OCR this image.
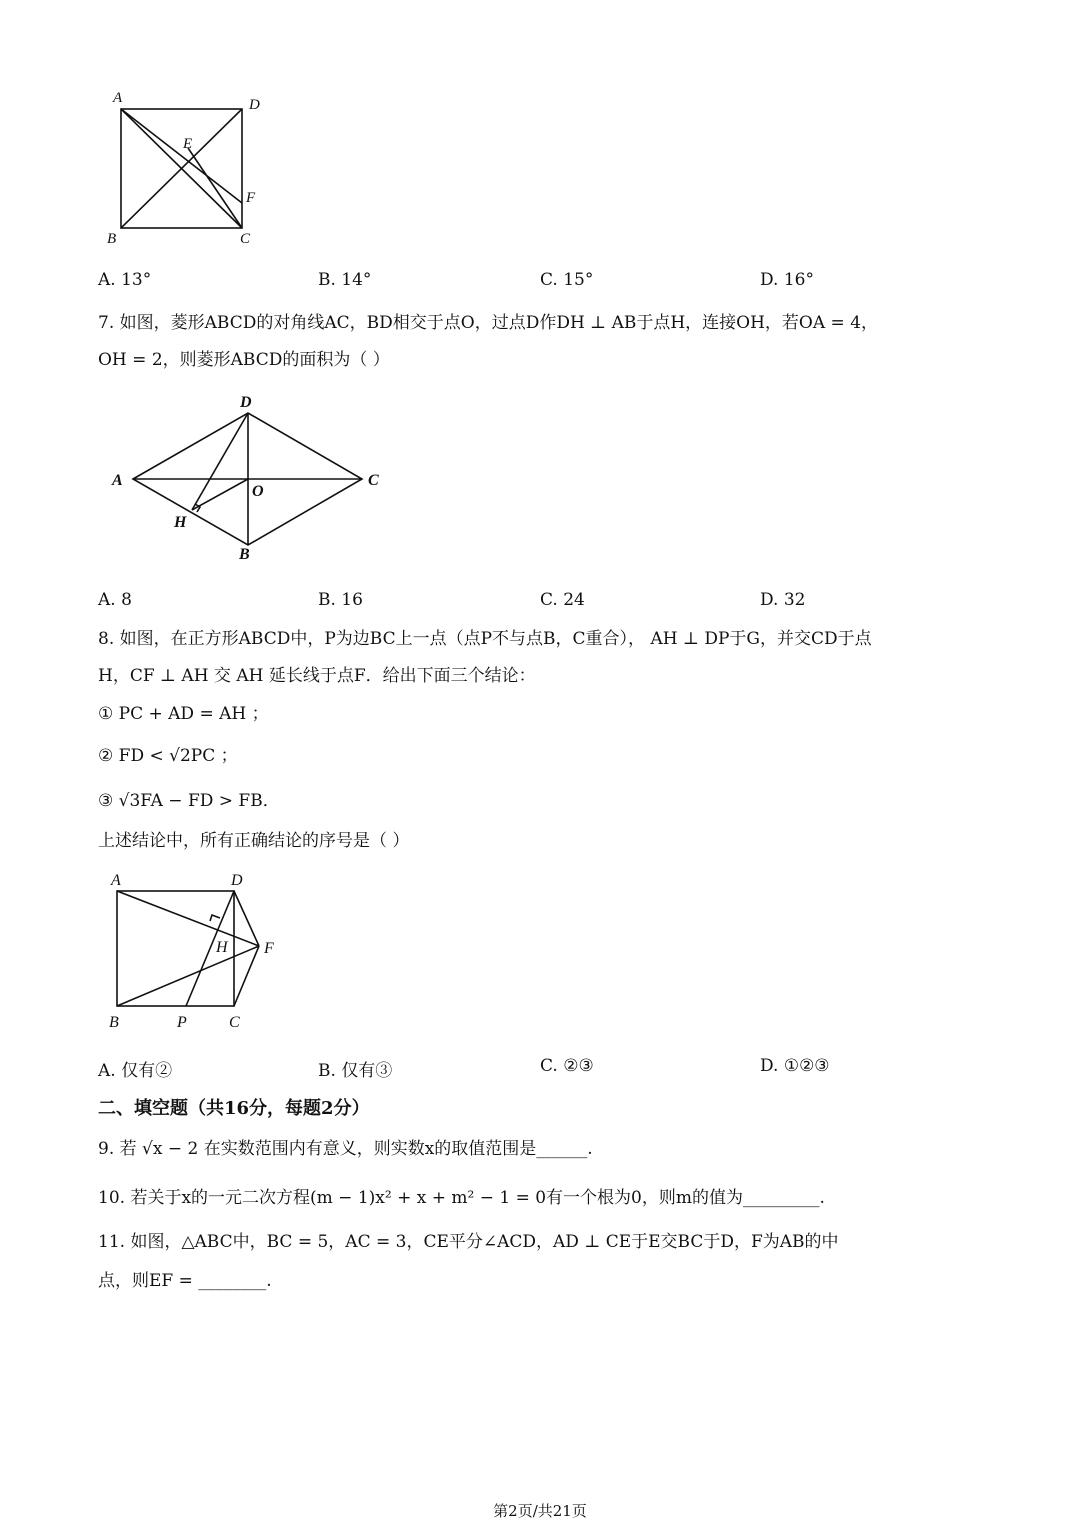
A	D
E
F
B	C
A. 13°	B. 14°	C. 15°	D. 16°
7. 如图，菱形ABCD的对角线AC，BD相交于点O，过点D作DH ⊥ AB于点H，连接OH，若OA = 4，
OH = 2，则菱形ABCD的面积为（ ）
D
A
O
C
H
B
A. 8	B. 16	C. 24	D. 32
8. 如图，在正方形ABCD中，P为边BC上一点（点P不与点B，C重合）， AH ⊥ DP于G，并交CD于点
H，CF ⊥ AH 交 AH 延长线于点F．给出下面三个结论：
① PC + AD = AH ；
② FD < √2PC ；
③ √3FA − FD > FB．
上述结论中，所有正确结论的序号是（ ）
A	D
H F
B	P	C
A. 仅有②	B. 仅有③	C. ②③	D. ①②③
二、填空题（共16分，每题2分）
9. 若 √x − 2 在实数范围内有意义，则实数x的取值范围是______.
10. 若关于x的一元二次方程(m − 1)x² + x + m² − 1 = 0有一个根为0，则m的值为_________.
11. 如图，△ABC中，BC = 5，AC = 3，CE平分∠ACD，AD ⊥ CE于E交BC于D，F为AB的中
点，则EF = ________.
第2页/共21页
